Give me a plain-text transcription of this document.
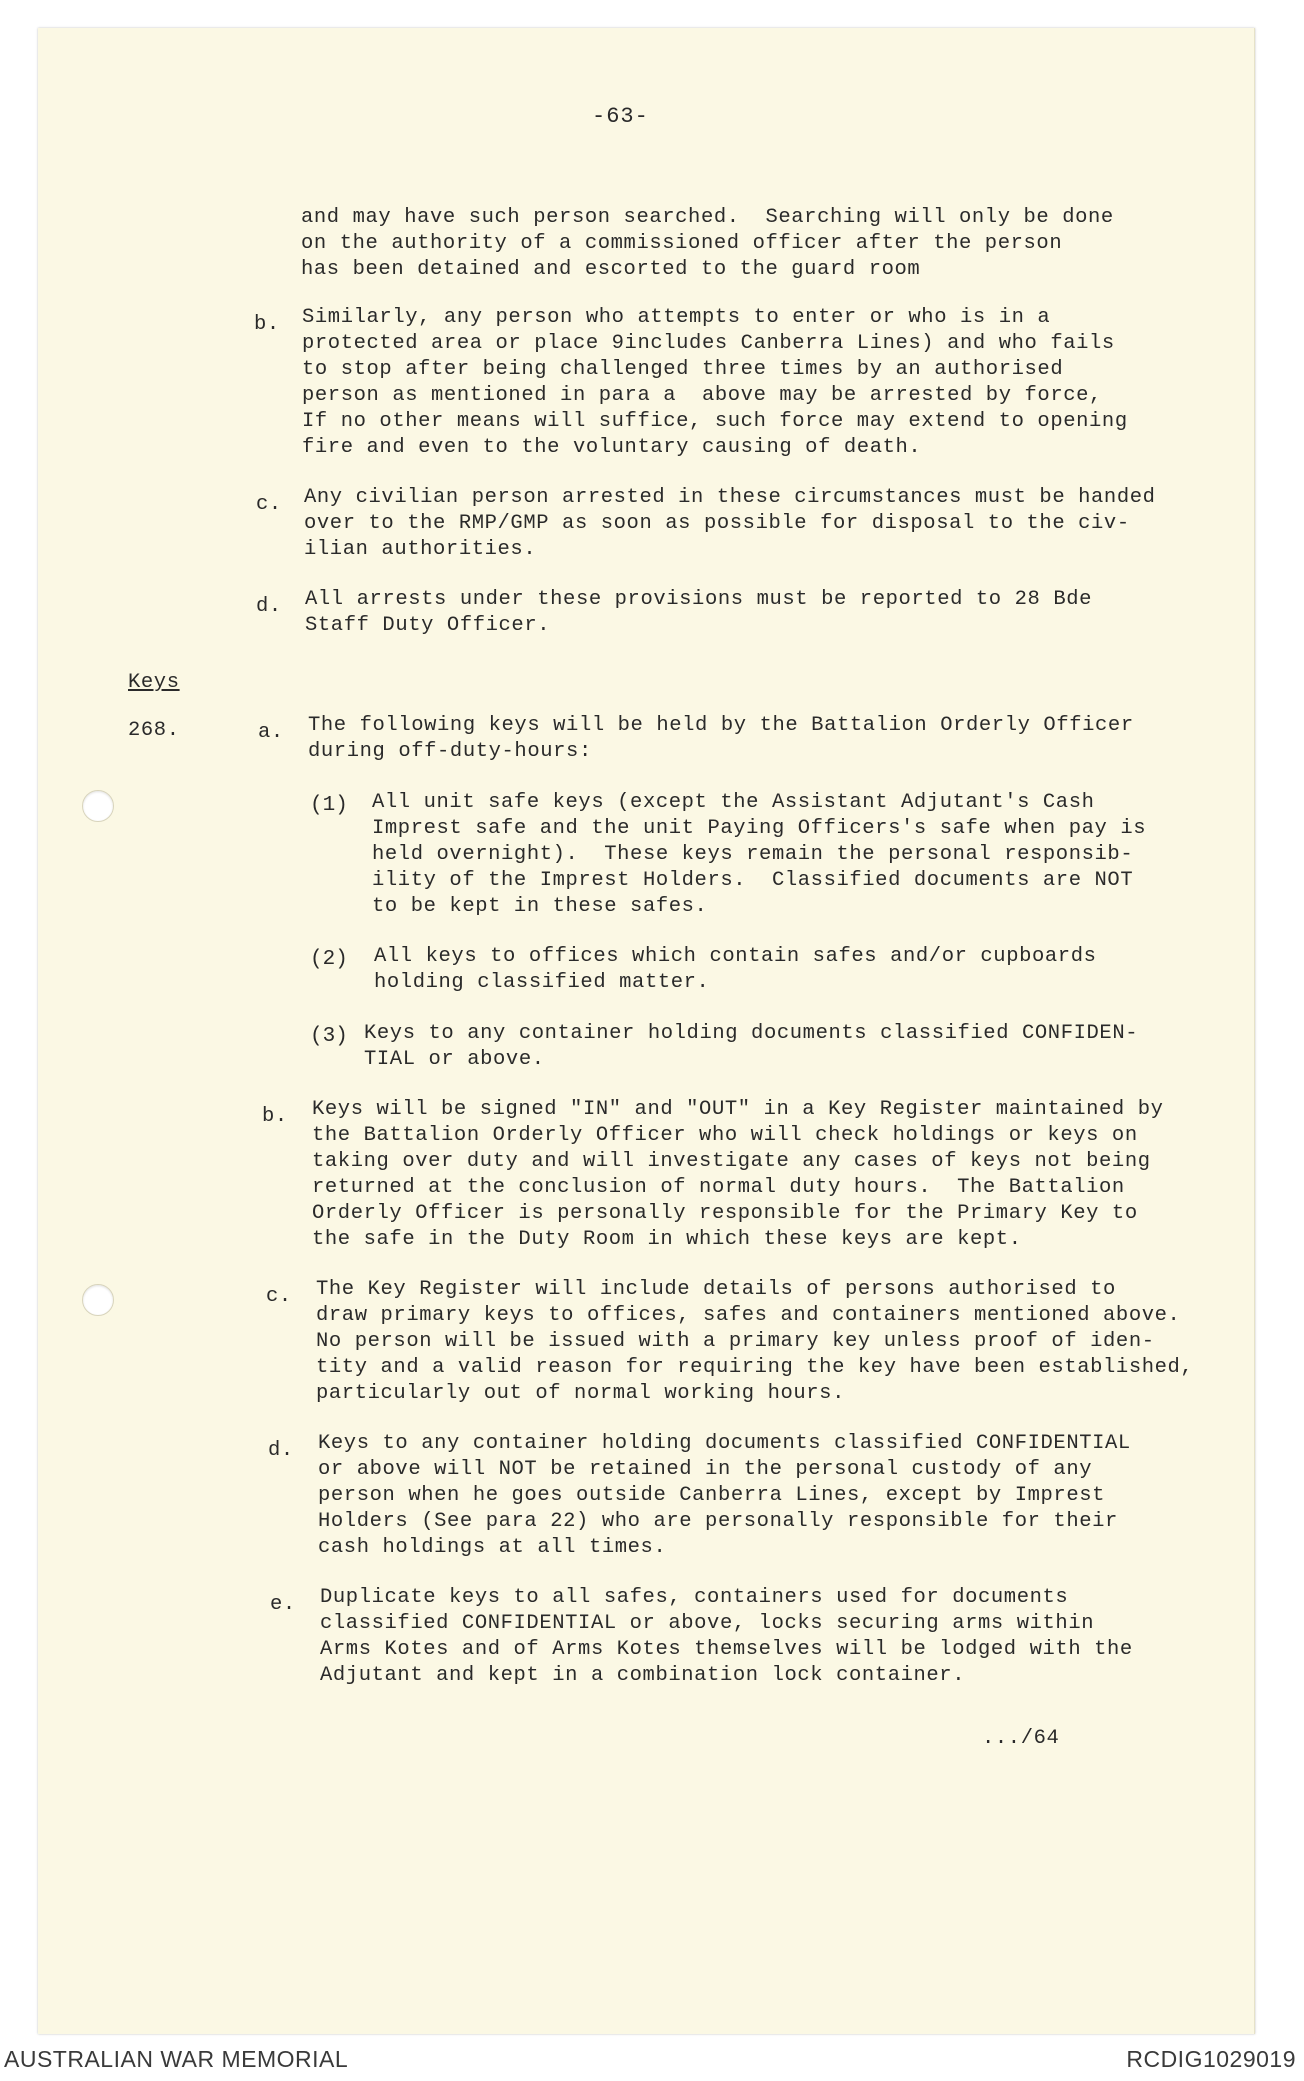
-63-
and may have such person searched.  Searching will only be done
on the authority of a commissioned officer after the person
has been detained and escorted to the guard room
b. Similarly, any person who attempts to enter or who is in a
protected area or place 9includes Canberra Lines) and who fails
to stop after being challenged three times by an authorised
person as mentioned in para a  above may be arrested by force,
If no other means will suffice, such force may extend to opening
fire and even to the voluntary causing of death.
c. Any civilian person arrested in these circumstances must be handed
over to the RMP/GMP as soon as possible for disposal to the civ-
ilian authorities.
d. All arrests under these provisions must be reported to 28 Bde
Staff Duty Officer.
Keys
268.	a. The following keys will be held by the Battalion Orderly Officer
during off-duty-hours:
(1) All unit safe keys (except the Assistant Adjutant's Cash
Imprest safe and the unit Paying Officers's safe when pay is
held overnight).  These keys remain the personal responsib-
ility of the Imprest Holders.  Classified documents are NOT
to be kept in these safes.
(2) All keys to offices which contain safes and/or cupboards
holding classified matter.
(3) Keys to any container holding documents classified CONFIDEN-
TIAL or above.
b. Keys will be signed "IN" and "OUT" in a Key Register maintained by
the Battalion Orderly Officer who will check holdings or keys on
taking over duty and will investigate any cases of keys not being
returned at the conclusion of normal duty hours.  The Battalion
Orderly Officer is personally responsible for the Primary Key to
the safe in the Duty Room in which these keys are kept.
c. The Key Register will include details of persons authorised to
draw primary keys to offices, safes and containers mentioned above.
No person will be issued with a primary key unless proof of iden-
tity and a valid reason for requiring the key have been established,
particularly out of normal working hours.
d. Keys to any container holding documents classified CONFIDENTIAL
or above will NOT be retained in the personal custody of any
person when he goes outside Canberra Lines, except by Imprest
Holders (See para 22) who are personally responsible for their
cash holdings at all times.
e. Duplicate keys to all safes, containers used for documents
classified CONFIDENTIAL or above, locks securing arms within
Arms Kotes and of Arms Kotes themselves will be lodged with the
Adjutant and kept in a combination lock container.
.../64
AUSTRALIAN WAR MEMORIAL	RCDIG1029019
